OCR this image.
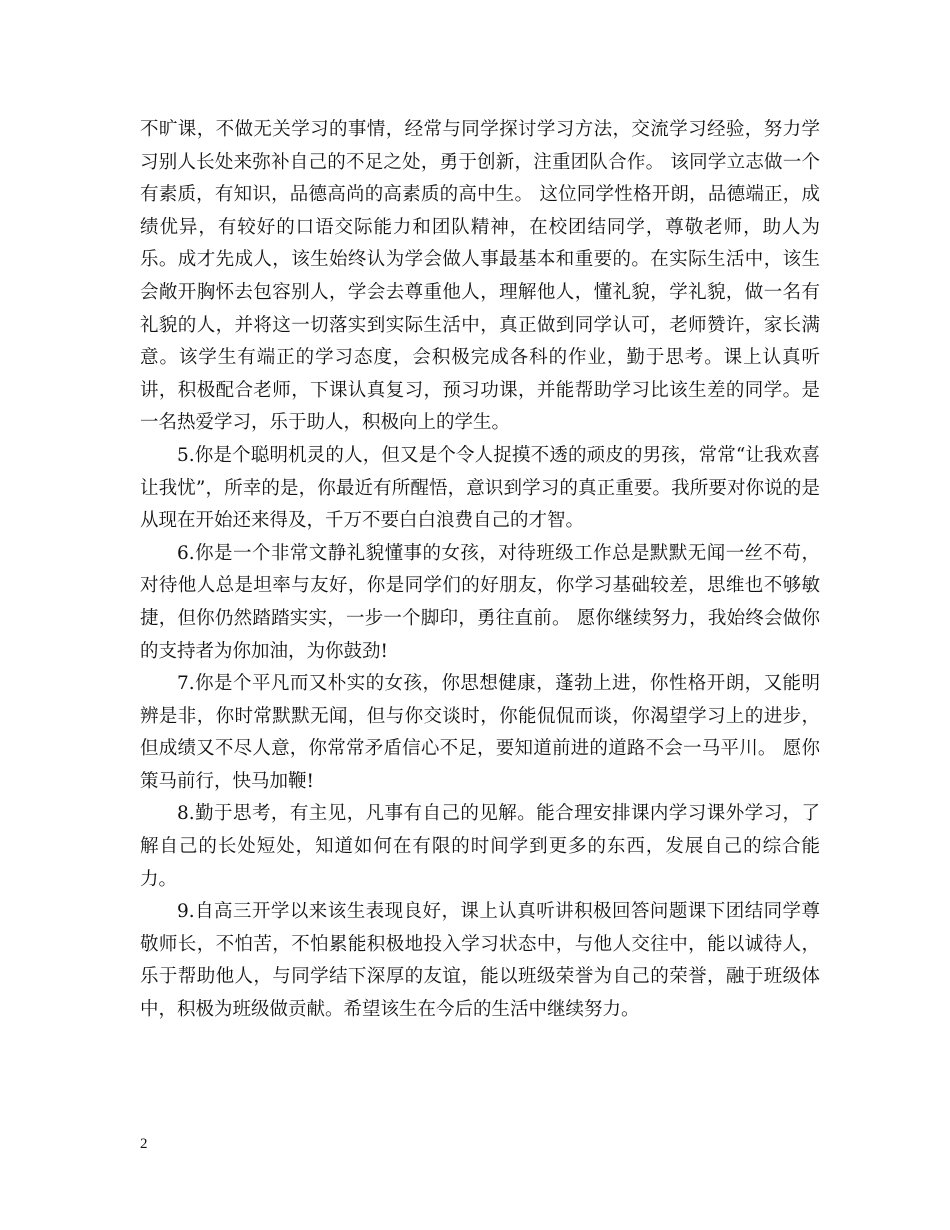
不旷课，不做无关学习的事情，经常与同学探讨学习方法，交流学习经验，努力学习别人长处来弥补自己的不足之处，勇于创新，注重团队合作。 该同学立志做一个有素质，有知识，品德高尚的高素质的高中生。 这位同学性格开朗，品德端正，成绩优异，有较好的口语交际能力和团队精神，在校团结同学，尊敬老师，助人为乐。成才先成人，该生始终认为学会做人事最基本和重要的。在实际生活中，该生会敞开胸怀去包容别人，学会去尊重他人，理解他人，懂礼貌，学礼貌，做一名有礼貌的人，并将这一切落实到实际生活中，真正做到同学认可，老师赞许，家长满意。该学生有端正的学习态度，会积极完成各科的作业，勤于思考。课上认真听讲，积极配合老师，下课认真复习，预习功课，并能帮助学习比该生差的同学。是一名热爱学习，乐于助人，积极向上的学生。

5.你是个聪明机灵的人，但又是个令人捉摸不透的顽皮的男孩，常常“让我欢喜让我忧”，所幸的是，你最近有所醒悟，意识到学习的真正重要。我所要对你说的是从现在开始还来得及，千万不要白白浪费自己的才智。

6.你是一个非常文静礼貌懂事的女孩，对待班级工作总是默默无闻一丝不苟，对待他人总是坦率与友好，你是同学们的好朋友，你学习基础较差，思维也不够敏捷，但你仍然踏踏实实，一步一个脚印，勇往直前。 愿你继续努力，我始终会做你的支持者为你加油，为你鼓劲!

7.你是个平凡而又朴实的女孩，你思想健康，蓬勃上进，你性格开朗，又能明辨是非，你时常默默无闻，但与你交谈时，你能侃侃而谈，你渴望学习上的进步，但成绩又不尽人意，你常常矛盾信心不足，要知道前进的道路不会一马平川。 愿你策马前行，快马加鞭!

8.勤于思考，有主见，凡事有自己的见解。能合理安排课内学习课外学习，了解自己的长处短处，知道如何在有限的时间学到更多的东西，发展自己的综合能力。

9.自高三开学以来该生表现良好，课上认真听讲积极回答问题课下团结同学尊敬师长，不怕苦，不怕累能积极地投入学习状态中，与他人交往中，能以诚待人，乐于帮助他人，与同学结下深厚的友谊，能以班级荣誉为自己的荣誉，融于班级体中，积极为班级做贡献。希望该生在今后的生活中继续努力。

2
